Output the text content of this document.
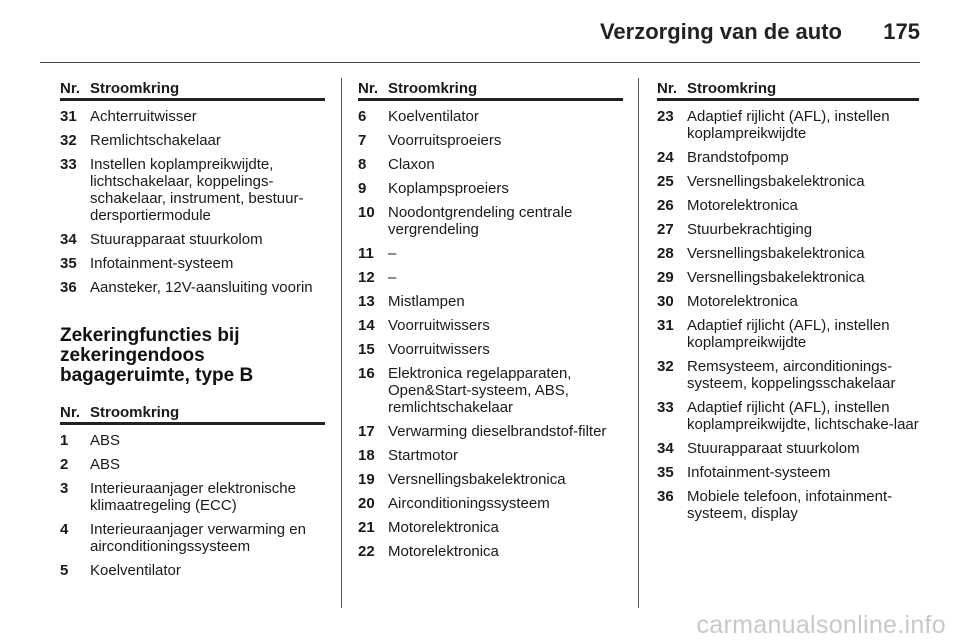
Verzorging van de auto 175
Nr. Stroomkring
31 Achterruitwisser
32 Remlichtschakelaar
33 Instellen koplampreikwijdte, lichtschakelaar, koppelings-schakelaar, instrument, bestuur-dersportiermodule
34 Stuurapparaat stuurkolom
35 Infotainment-systeem
36 Aansteker, 12V-aansluiting voorin
Zekeringfuncties bij zekeringendoos bagageruimte, type B
Nr. Stroomkring
1	ABS
2	ABS
3	Interieuraanjager elektronische klimaatregeling (ECC)
4	Interieuraanjager verwarming en airconditioningssysteem
5	Koelventilator
Nr. Stroomkring
6	Koelventilator
7	Voorruitsproeiers
8	Claxon
9	Koplampsproeiers
10 Noodontgrendeling centrale vergrendeling
11 –
12 –
13 Mistlampen
14 Voorruitwissers
15 Voorruitwissers
16 Elektronica regelapparaten, Open&Start-systeem, ABS, remlichtschakelaar
17 Verwarming dieselbrandstof-filter
18 Startmotor
19 Versnellingsbakelektronica
20 Airconditioningssysteem
21 Motorelektronica
22 Motorelektronica
Nr. Stroomkring
23 Adaptief rijlicht (AFL), instellen koplampreikwijdte
24 Brandstofpomp
25 Versnellingsbakelektronica
26 Motorelektronica
27 Stuurbekrachtiging
28 Versnellingsbakelektronica
29 Versnellingsbakelektronica
30 Motorelektronica
31 Adaptief rijlicht (AFL), instellen koplampreikwijdte
32 Remsysteem, airconditionings-systeem, koppelingsschakelaar
33 Adaptief rijlicht (AFL), instellen koplampreikwijdte, lichtschake-laar
34 Stuurapparaat stuurkolom
35 Infotainment-systeem
36 Mobiele telefoon, infotainment-systeem, display
carmanualsonline.info
